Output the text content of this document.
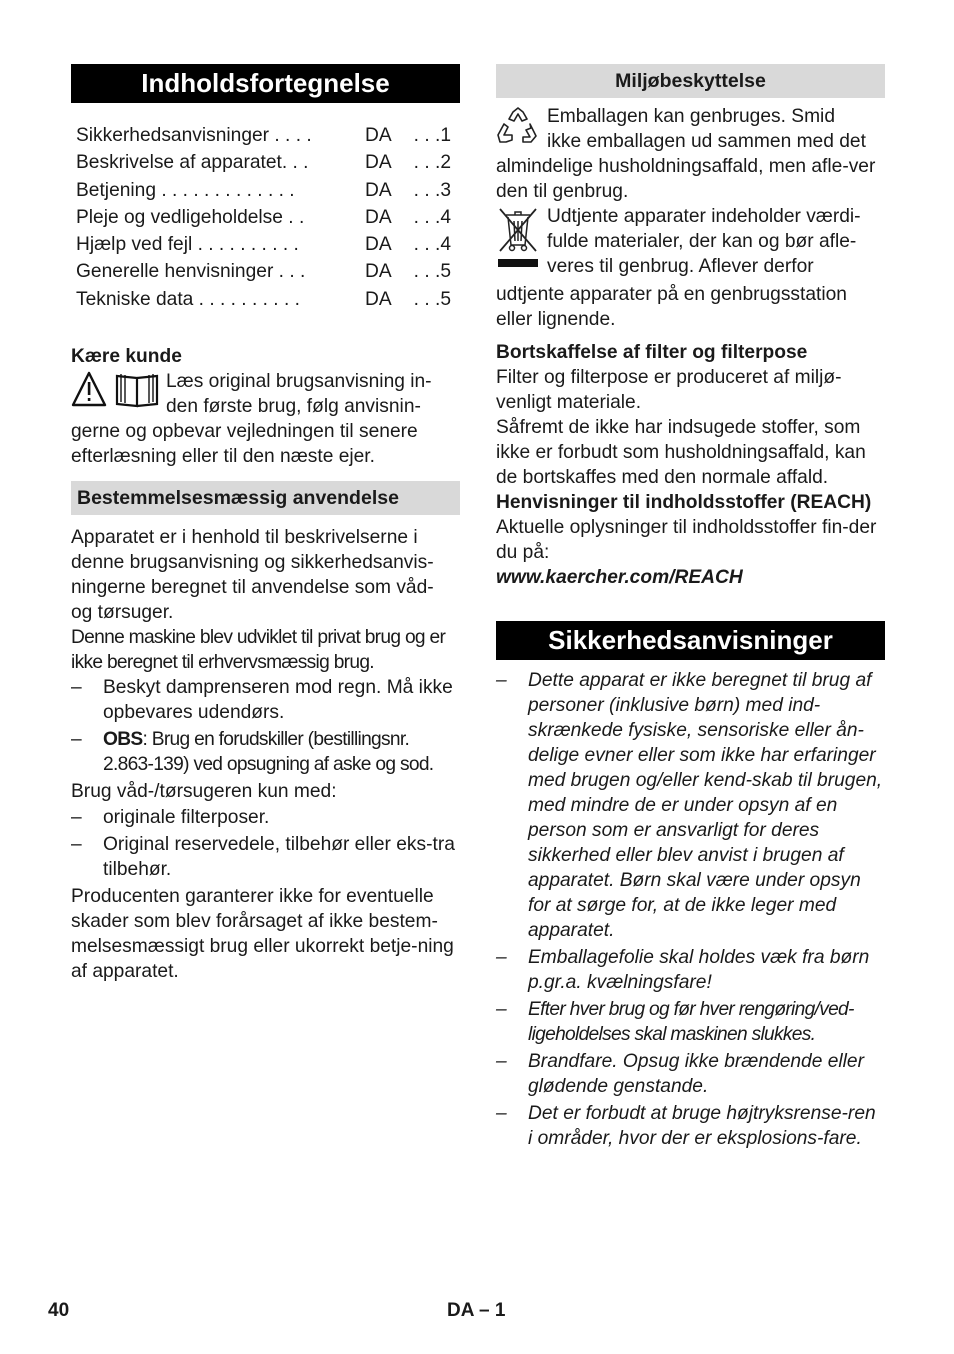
Indholdsfortegnelse
Sikkerhedsanvisninger . . . .	DA	. . .1
Beskrivelse af apparatet. . .	DA	. . .2
Betjening . . . . . . . . . . . . .	DA	. . .3
Pleje og vedligeholdelse . .	DA	. . .4
Hjælp ved fejl . . . . . . . . . .	DA	. . .4
Generelle henvisninger . . .	DA	. . .5
Tekniske data . . . . . . . . . .	DA	. . .5
Kære kunde

Læs original brugsanvisning in-

den første brug, følg anvisnin-

gerne og opbevar vejledningen til senere efterlæsning eller til den næste ejer.

Bestemmelsesmæssig anvendelse

Apparatet er i henhold til beskrivelserne i denne brugsanvisning og sikkerhedsanvis-ningerne beregnet til anvendelse som våd- og tørsuger.

Denne maskine blev udviklet til privat brug og er ikke beregnet til erhvervsmæssig brug.

– Beskyt damprenseren mod regn. Må ikke opbevares udendørs.
– OBS: Brug en forudskiller (bestillingsnr. 2.863-139) ved opsugning af aske og sod.

Brug våd-/tørsugeren kun med:

– originale filterposer.
– Original reservedele, tilbehør eller eks-tra tilbehør.

Producenten garanterer ikke for eventuelle skader som blev forårsaget af ikke bestem-melsesmæssigt brug eller ukorrekt betje-ning af apparatet.

Miljøbeskyttelse

Emballagen kan genbruges. Smid

ikke emballagen ud sammen med det

almindelige husholdningsaffald, men afle-ver den til genbrug.

Udtjente apparater indeholder værdi-

fulde materialer, der kan og bør afle-

veres til genbrug. Aflever derfor

udtjente apparater på en genbrugsstation eller lignende.

Bortskaffelse af filter og filterpose

Filter og filterpose er produceret af miljø-venligt materiale.

Såfremt de ikke har indsugede stoffer, som ikke er forbudt som husholdningsaffald, kan de bortskaffes med den normale affald.

Henvisninger til indholdsstoffer (REACH)

Aktuelle oplysninger til indholdsstoffer fin-der du på:

www.kaercher.com/REACH

Sikkerhedsanvisninger
– Dette apparat er ikke beregnet til brug af personer (inklusive børn) med ind-skrænkede fysiske, sensoriske eller ån-delige evner eller som ikke har erfaringer med brugen og/eller kend-skab til brugen, med mindre de er under opsyn af en person som er ansvarligt for deres sikkerhed eller blev anvist i brugen af apparatet. Børn skal være under opsyn for at sørge for, at de ikke leger med apparatet.
– Emballagefolie skal holdes væk fra børn p.gr.a. kvælningsfare!
– Efter hver brug og før hver rengøring/ved-ligeholdelses skal maskinen slukkes.
– Brandfare. Opsug ikke brændende eller glødende genstande.
– Det er forbudt at bruge højtryksrense-ren i områder, hvor der er eksplosions-fare.
40	DA – 1
